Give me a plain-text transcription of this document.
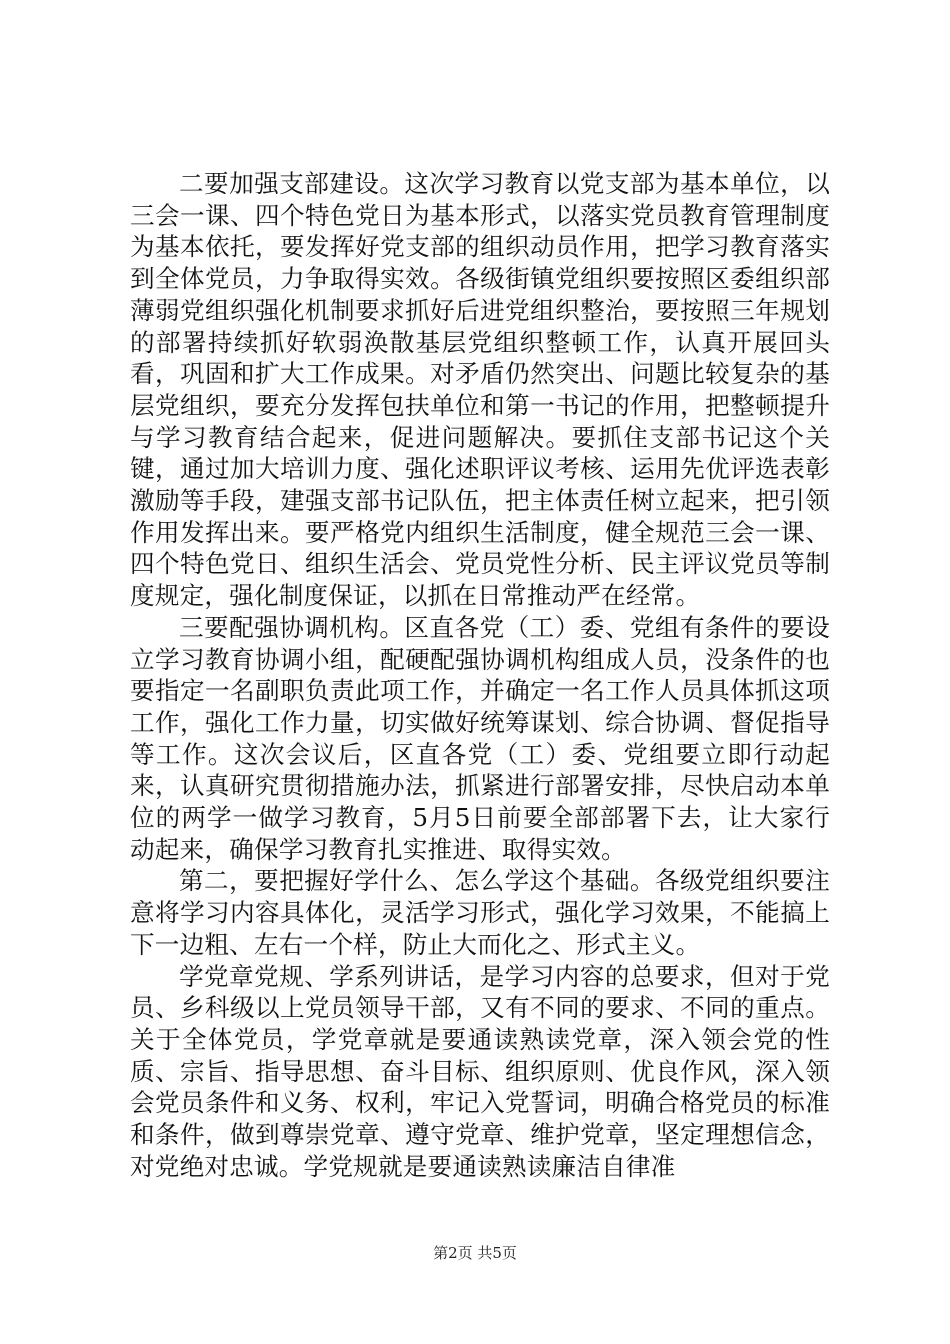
二要加强支部建设。这次学习教育以党支部为基本单位，以三会一课、四个特色党日为基本形式，以落实党员教育管理制度为基本依托，要发挥好党支部的组织动员作用，把学习教育落实到全体党员，力争取得实效。各级街镇党组织要按照区委组织部薄弱党组织强化机制要求抓好后进党组织整治，要按照三年规划的部署持续抓好软弱涣散基层党组织整顿工作，认真开展回头看，巩固和扩大工作成果。对矛盾仍然突出、问题比较复杂的基层党组织，要充分发挥包扶单位和第一书记的作用，把整顿提升与学习教育结合起来，促进问题解决。要抓住支部书记这个关键，通过加大培训力度、强化述职评议考核、运用先优评选表彰激励等手段，建强支部书记队伍，把主体责任树立起来，把引领作用发挥出来。要严格党内组织生活制度，健全规范三会一课、四个特色党日、组织生活会、党员党性分析、民主评议党员等制度规定，强化制度保证，以抓在日常推动严在经常。

三要配强协调机构。区直各党（工）委、党组有条件的要设立学习教育协调小组，配硬配强协调机构组成人员，没条件的也要指定一名副职负责此项工作，并确定一名工作人员具体抓这项工作，强化工作力量，切实做好统筹谋划、综合协调、督促指导等工作。这次会议后，区直各党（工）委、党组要立即行动起来，认真研究贯彻措施办法，抓紧进行部署安排，尽快启动本单位的两学一做学习教育，5月5日前要全部部署下去，让大家行动起来，确保学习教育扎实推进、取得实效。

第二，要把握好学什么、怎么学这个基础。各级党组织要注意将学习内容具体化，灵活学习形式，强化学习效果，不能搞上下一边粗、左右一个样，防止大而化之、形式主义。

学党章党规、学系列讲话，是学习内容的总要求，但对于党员、乡科级以上党员领导干部，又有不同的要求、不同的重点。关于全体党员，学党章就是要通读熟读党章，深入领会党的性质、宗旨、指导思想、奋斗目标、组织原则、优良作风，深入领会党员条件和义务、权利，牢记入党誓词，明确合格党员的标准和条件，做到尊崇党章、遵守党章、维护党章，坚定理想信念，对党绝对忠诚。学党规就是要通读熟读廉洁自律准

第2页 共5页
